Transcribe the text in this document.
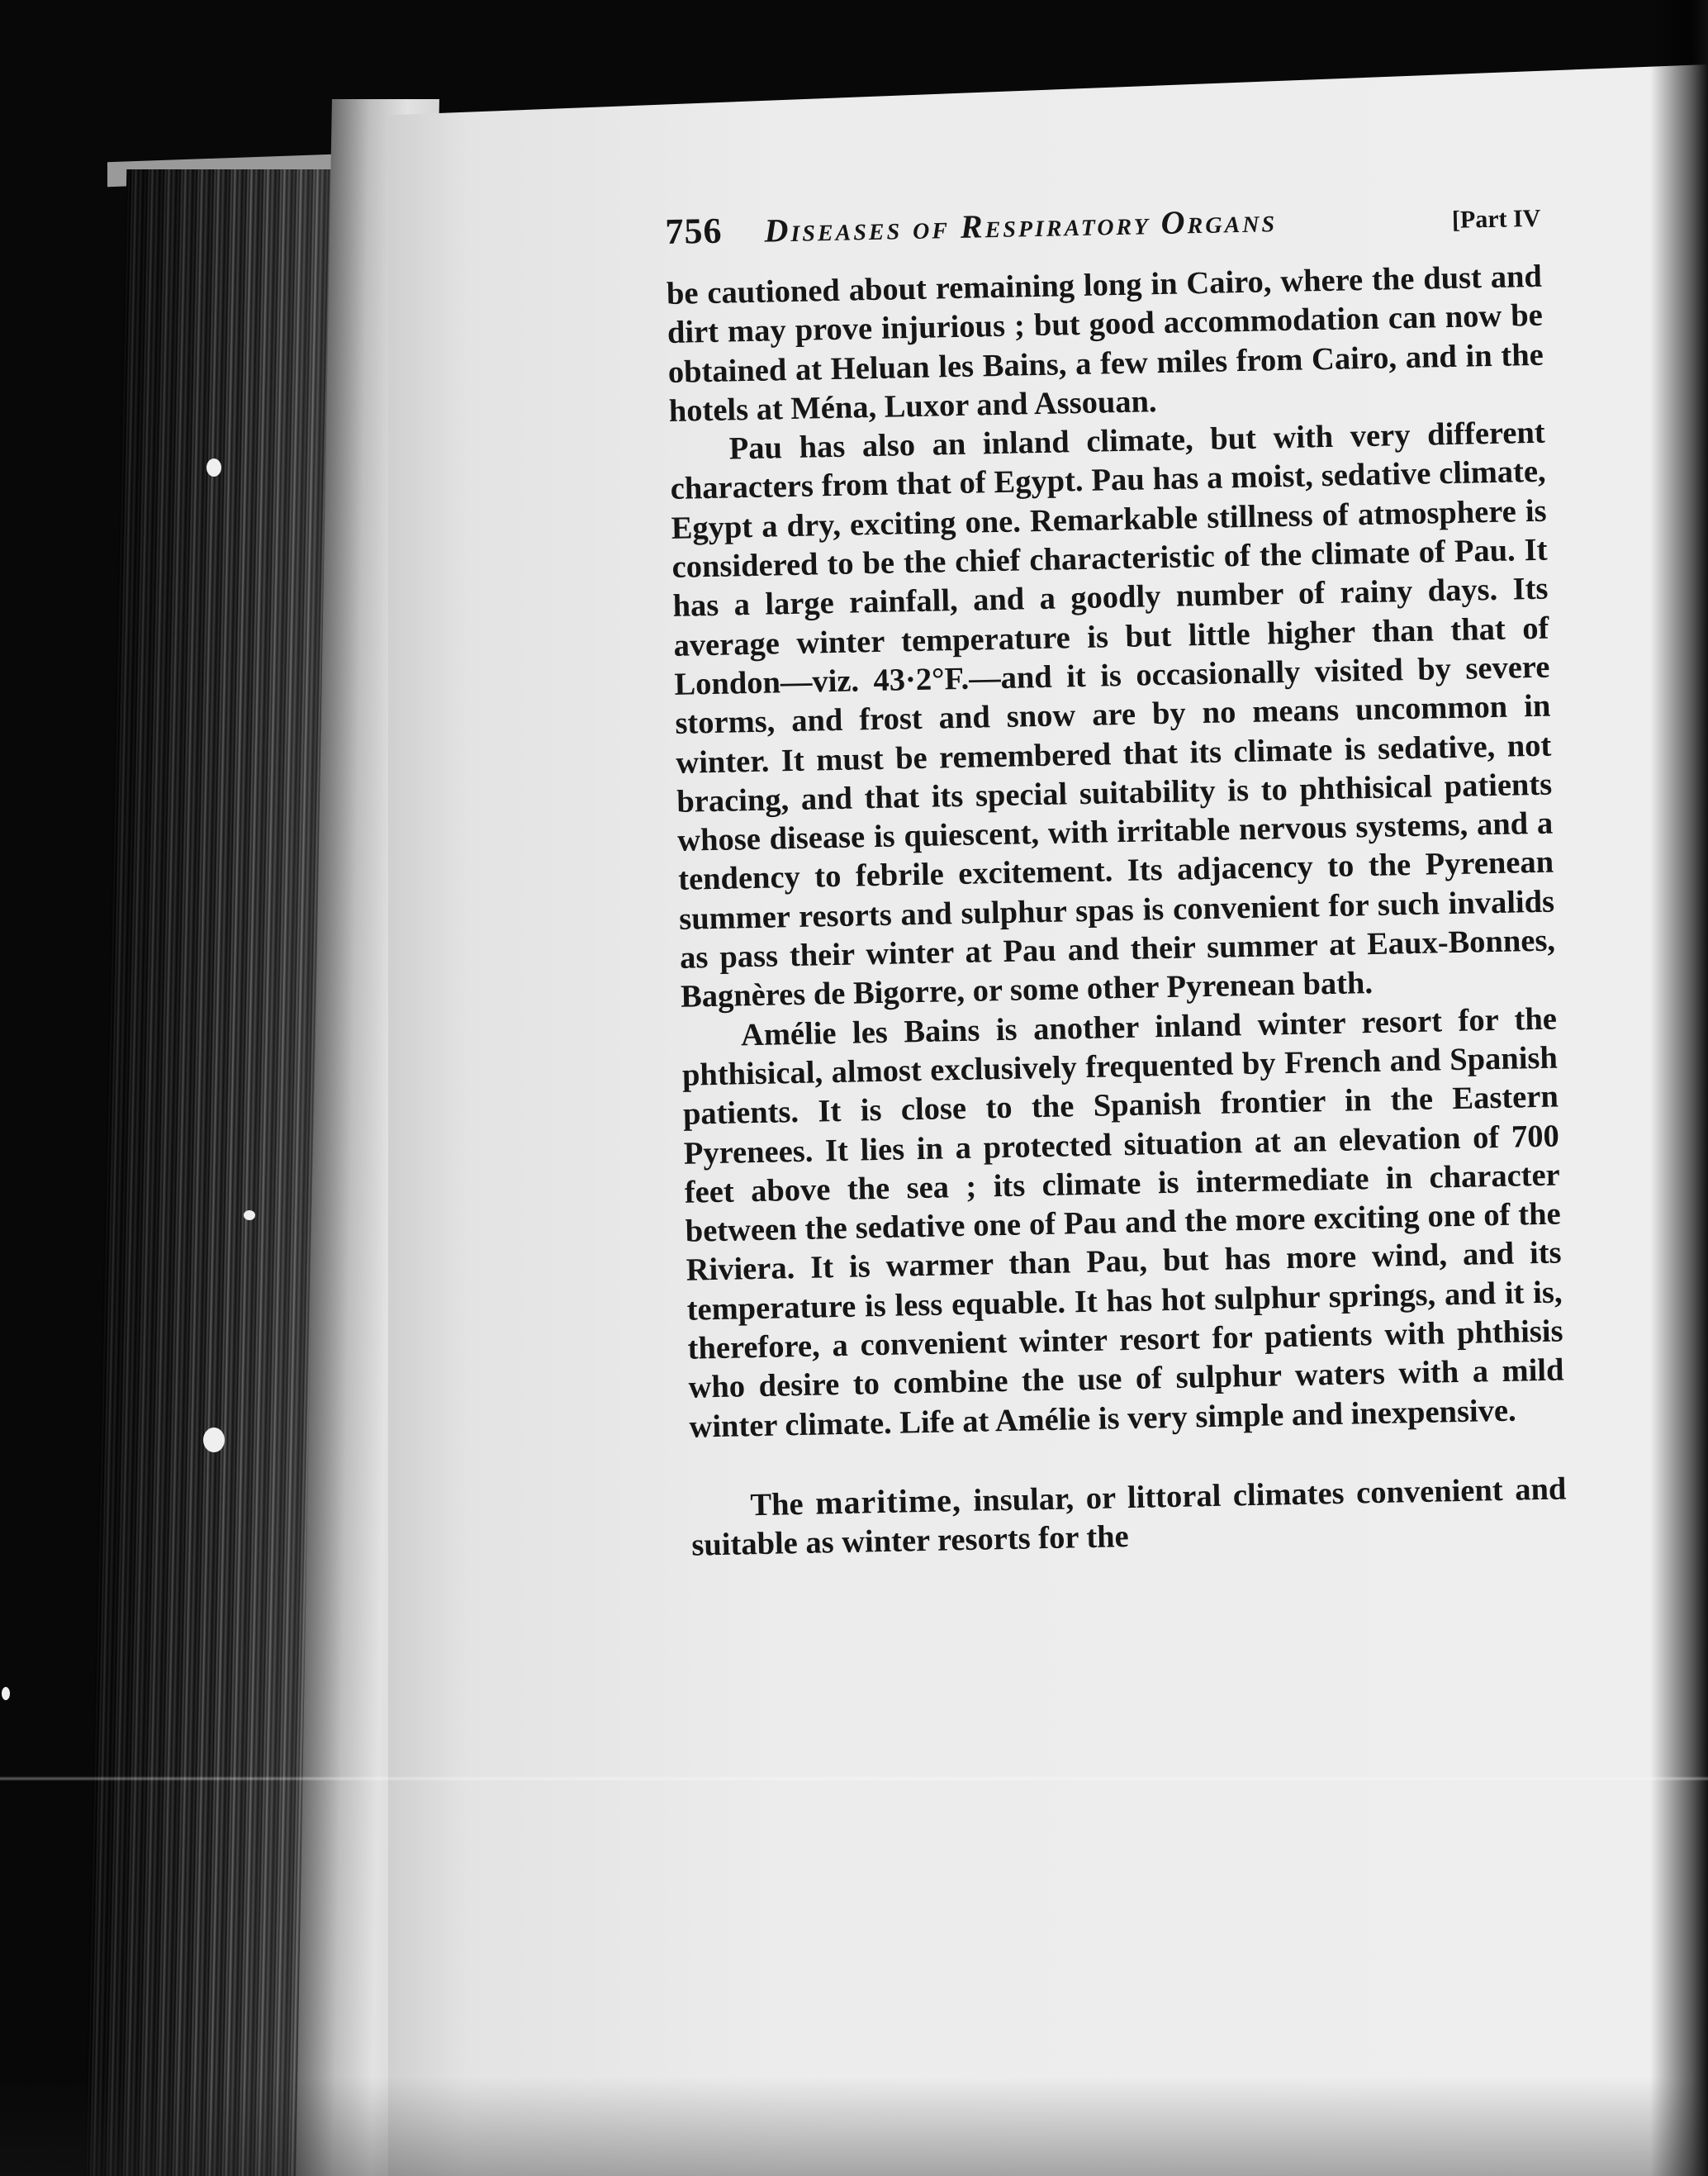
756	Diseases of Respiratory Organs	[Part IV

be cautioned about remaining long in Cairo, where the dust and dirt may prove injurious ; but good accommodation can now be obtained at Heluan les Bains, a few miles from Cairo, and in the hotels at Ména, Luxor and Assouan.

Pau has also an inland climate, but with very different characters from that of Egypt. Pau has a moist, sedative climate, Egypt a dry, exciting one. Remarkable stillness of atmosphere is considered to be the chief characteristic of the climate of Pau. It has a large rainfall, and a goodly number of rainy days. Its average winter temperature is but little higher than that of London—viz. 43·2°F.—and it is occasionally visited by severe storms, and frost and snow are by no means uncommon in winter. It must be remembered that its climate is sedative, not bracing, and that its special suitability is to phthisical patients whose disease is quiescent, with irritable nervous systems, and a tendency to febrile excitement. Its adjacency to the Pyrenean summer resorts and sulphur spas is convenient for such invalids as pass their winter at Pau and their summer at Eaux-Bonnes, Bagnères de Bigorre, or some other Pyrenean bath.

Amélie les Bains is another inland winter resort for the phthisical, almost exclusively frequented by French and Spanish patients. It is close to the Spanish frontier in the Eastern Pyrenees. It lies in a protected situation at an elevation of 700 feet above the sea ; its climate is intermediate in character between the sedative one of Pau and the more exciting one of the Riviera. It is warmer than Pau, but has more wind, and its temperature is less equable. It has hot sulphur springs, and it is, therefore, a convenient winter resort for patients with phthisis who desire to combine the use of sulphur waters with a mild winter climate. Life at Amélie is very simple and inexpensive.

The maritime, insular, or littoral climates convenient and suitable as winter resorts for the
